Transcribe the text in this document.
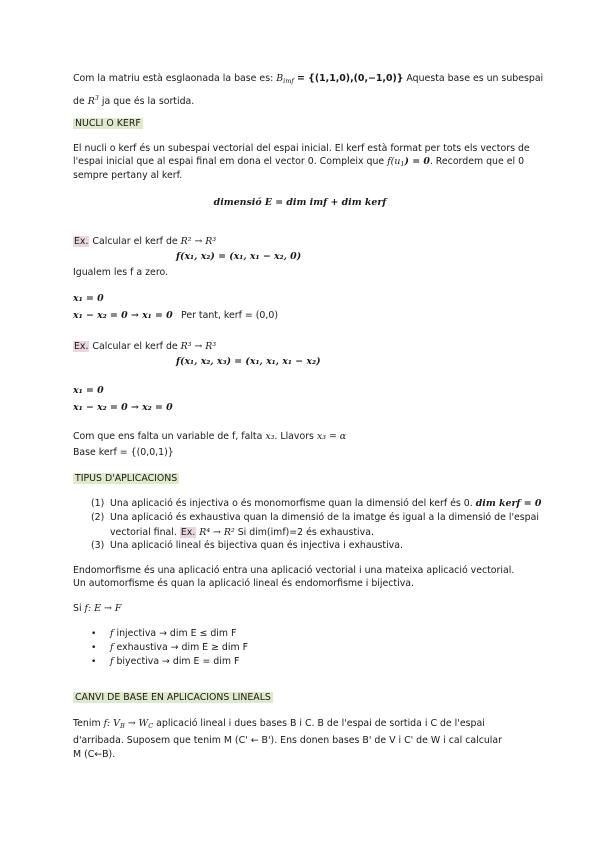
Com la matriu està esglaonada la base es: $B_{imf} = \{(1,1,0),(0,-1,0)\}$ Aquesta base es un subespai
de $R^3$ ja que és la sortida.
NUCLI O KERF
El nucli o kerf és un subespai vectorial del espai inicial. El kerf està format per tots els vectors de
l'espai inicial que al espai final em dona el vector 0. Compleix que $f(u_1) = 0$. Recordem que el 0
sempre pertany al kerf.
dimensió E = dim imf + dim kerf
Ex. Calcular el kerf de R² → R³
f(x₁, x₂) = (x₁, x₁ − x₂, 0)
Igualem les f a zero.
x₁ = 0
x₁ − x₂ = 0 → x₁ = 0 Per tant, kerf = (0,0)
Ex. Calcular el kerf de R³ → R³
f(x₁, x₂, x₃) = (x₁, x₁, x₁ − x₂)
x₁ = 0
x₁ − x₂ = 0 → x₂ = 0
Com que ens falta un variable de f, falta x₃. Llavors x₃ = α
Base kerf = {(0,0,1)}
TIPUS D'APLICACIONS
(1) Una aplicació és injectiva o és monomorfisme quan la dimensió del kerf és 0. dim kerf = 0
(2) Una aplicació és exhaustiva quan la dimensió de la imatge és igual a la dimensió de l'espai
vectorial final. Ex. R⁴ → R² Si dim(imf)=2 és exhaustiva.
(3) Una aplicació lineal és bijectiva quan és injectiva i exhaustiva.
Endomorfisme és una aplicació entra una aplicació vectorial i una mateixa aplicació vectorial.
Un automorfisme és quan la aplicació lineal és endomorfisme i bijectiva.
Si f: E → F
• f injectiva → dim E ≤ dim F
• f exhaustiva → dim E ≥ dim F
• f biyectiva → dim E = dim F
CANVI DE BASE EN APLICACIONS LINEALS
Tenim f: $V_B \to W_C$ aplicació lineal i dues bases B i C. B de l'espai de sortida i C de l'espai
d'arribada. Suposem que tenim M (C' ← B'). Ens donen bases B' de V i C' de W i cal calcular
M (C←B).
